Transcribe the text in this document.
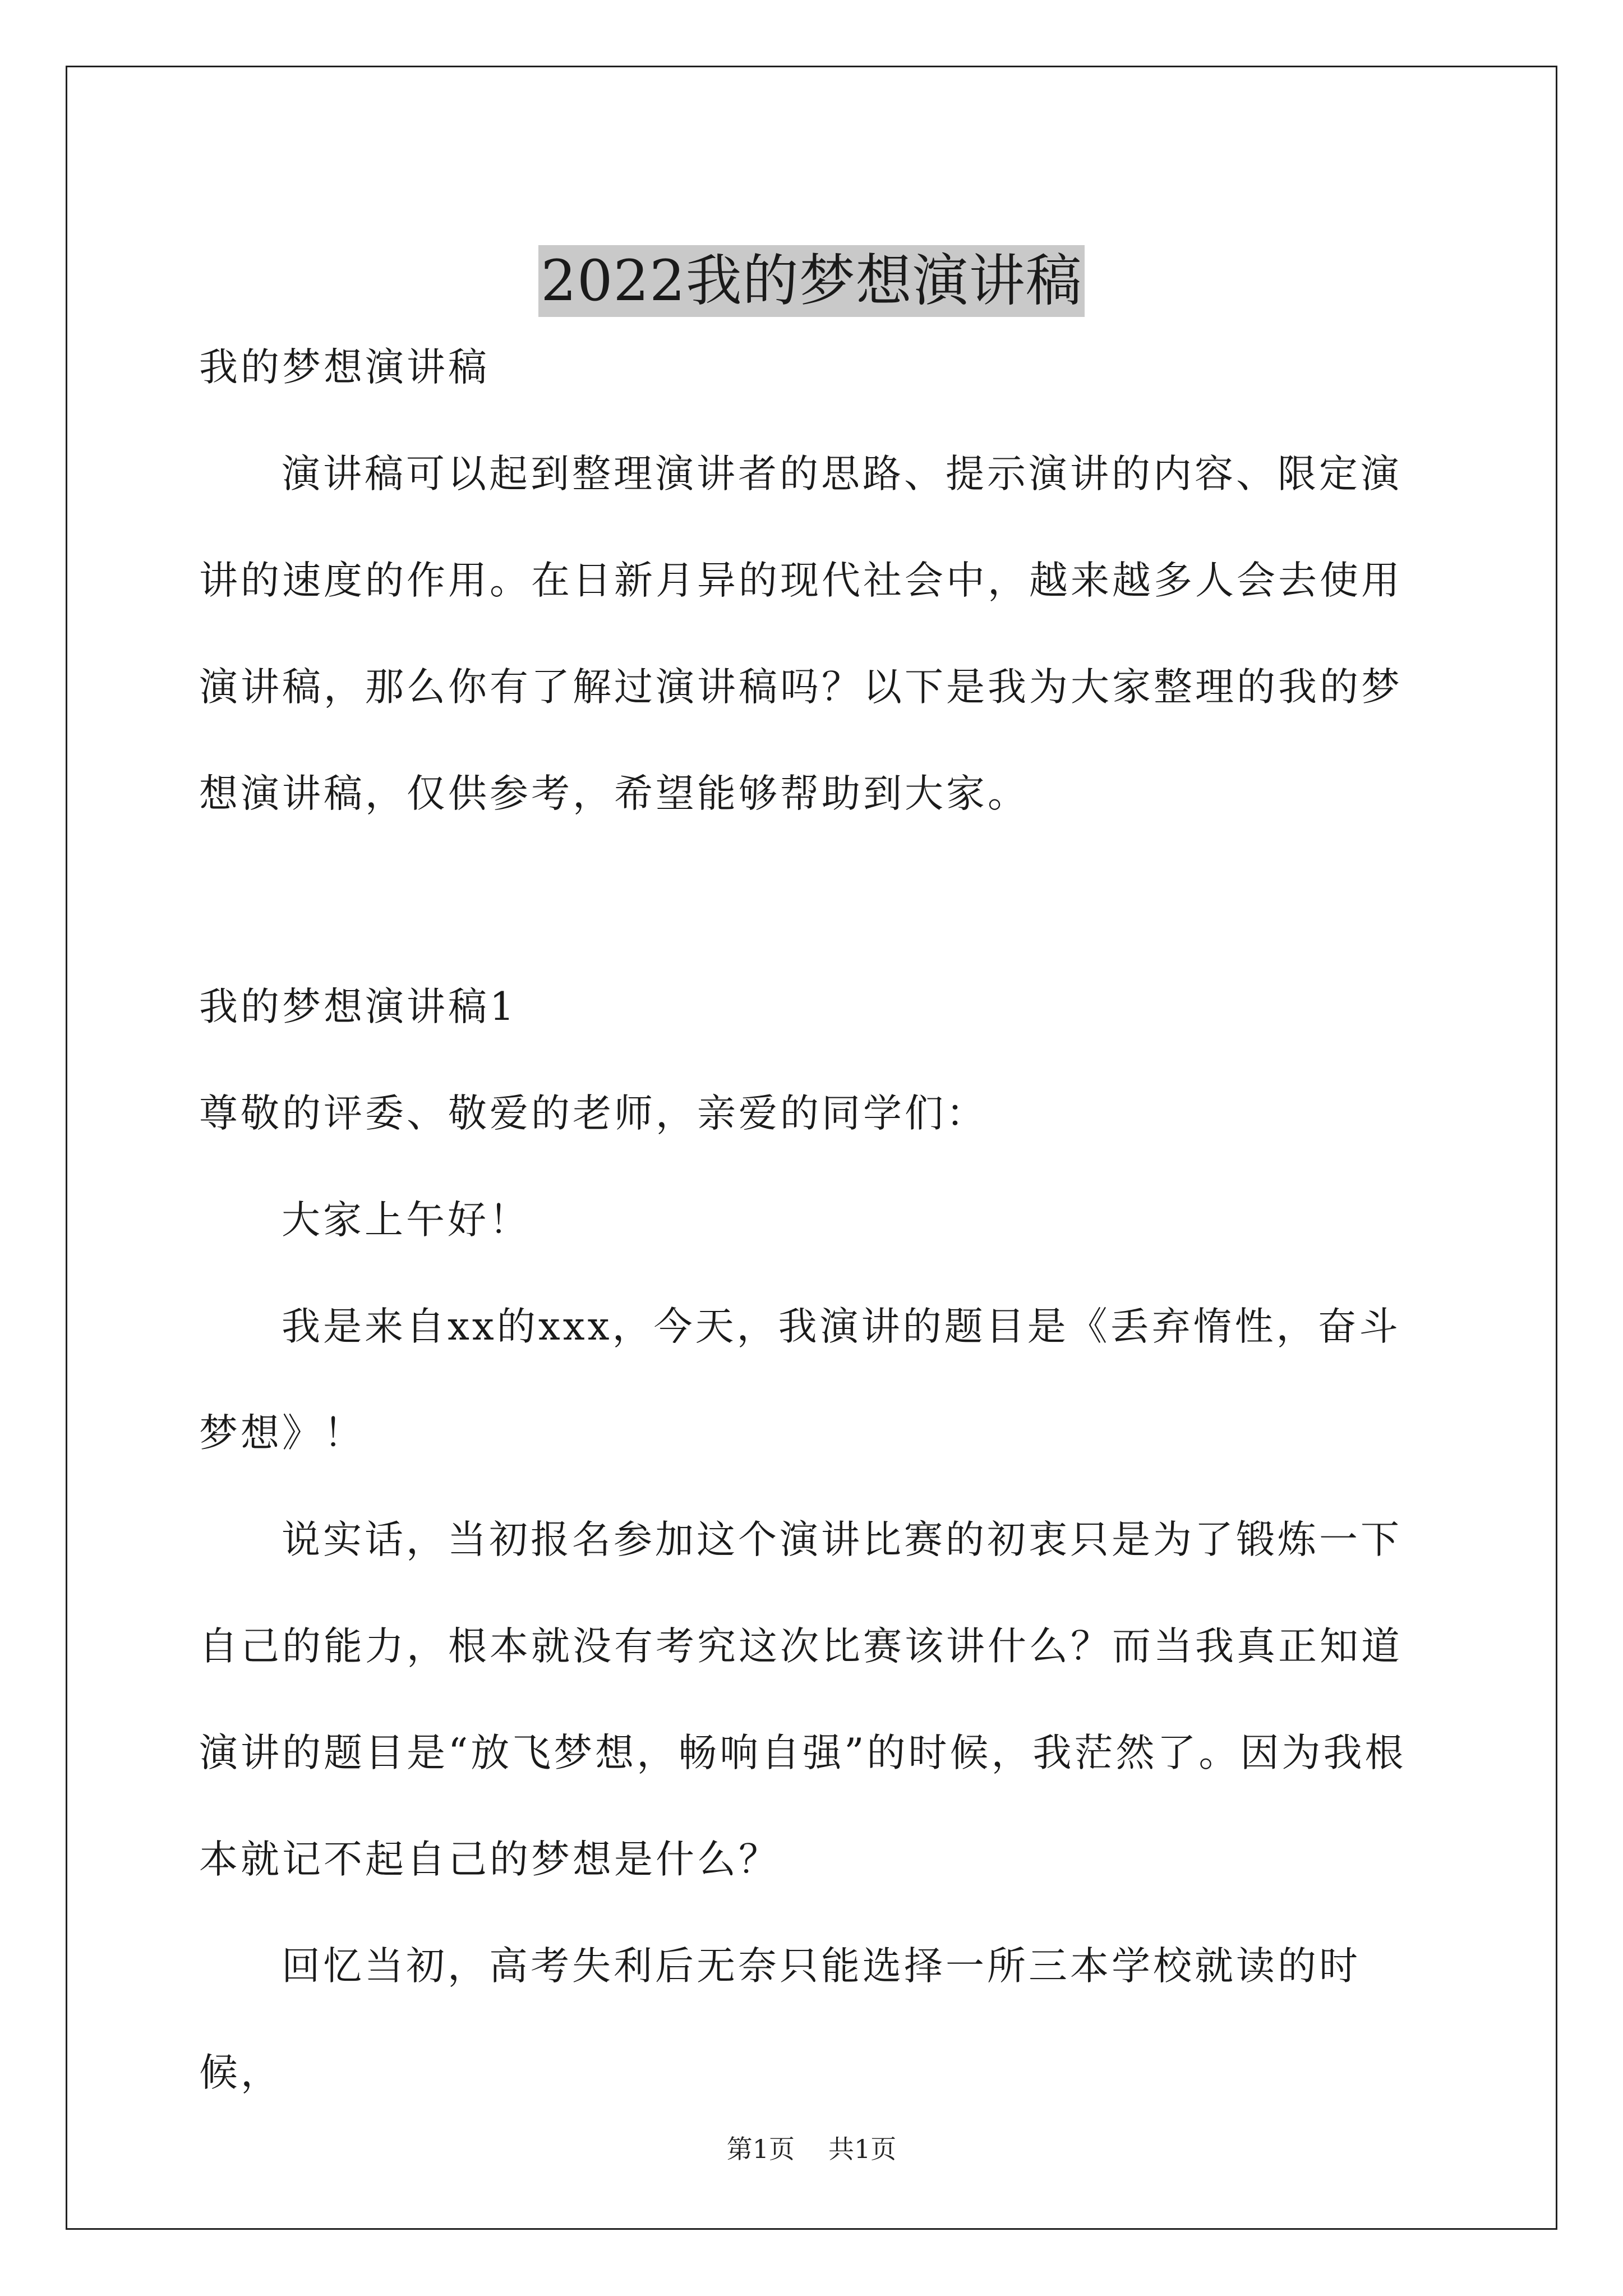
2022我的梦想演讲稿

我的梦想演讲稿

演讲稿可以起到整理演讲者的思路、提示演讲的内容、限定演讲的速度的作用。在日新月异的现代社会中，越来越多人会去使用演讲稿，那么你有了解过演讲稿吗？以下是我为大家整理的我的梦想演讲稿，仅供参考，希望能够帮助到大家。

我的梦想演讲稿1

尊敬的评委、敬爱的老师，亲爱的同学们：

大家上午好！

我是来自xx的xxx，今天，我演讲的题目是《丢弃惰性，奋斗梦想》！

说实话，当初报名参加这个演讲比赛的初衷只是为了锻炼一下自己的能力，根本就没有考究这次比赛该讲什么？而当我真正知道演讲的题目是“放飞梦想，畅响自强”的时候，我茫然了。因为我根本就记不起自己的梦想是什么？

回忆当初，高考失利后无奈只能选择一所三本学校就读的时候，

第1页 共1页
